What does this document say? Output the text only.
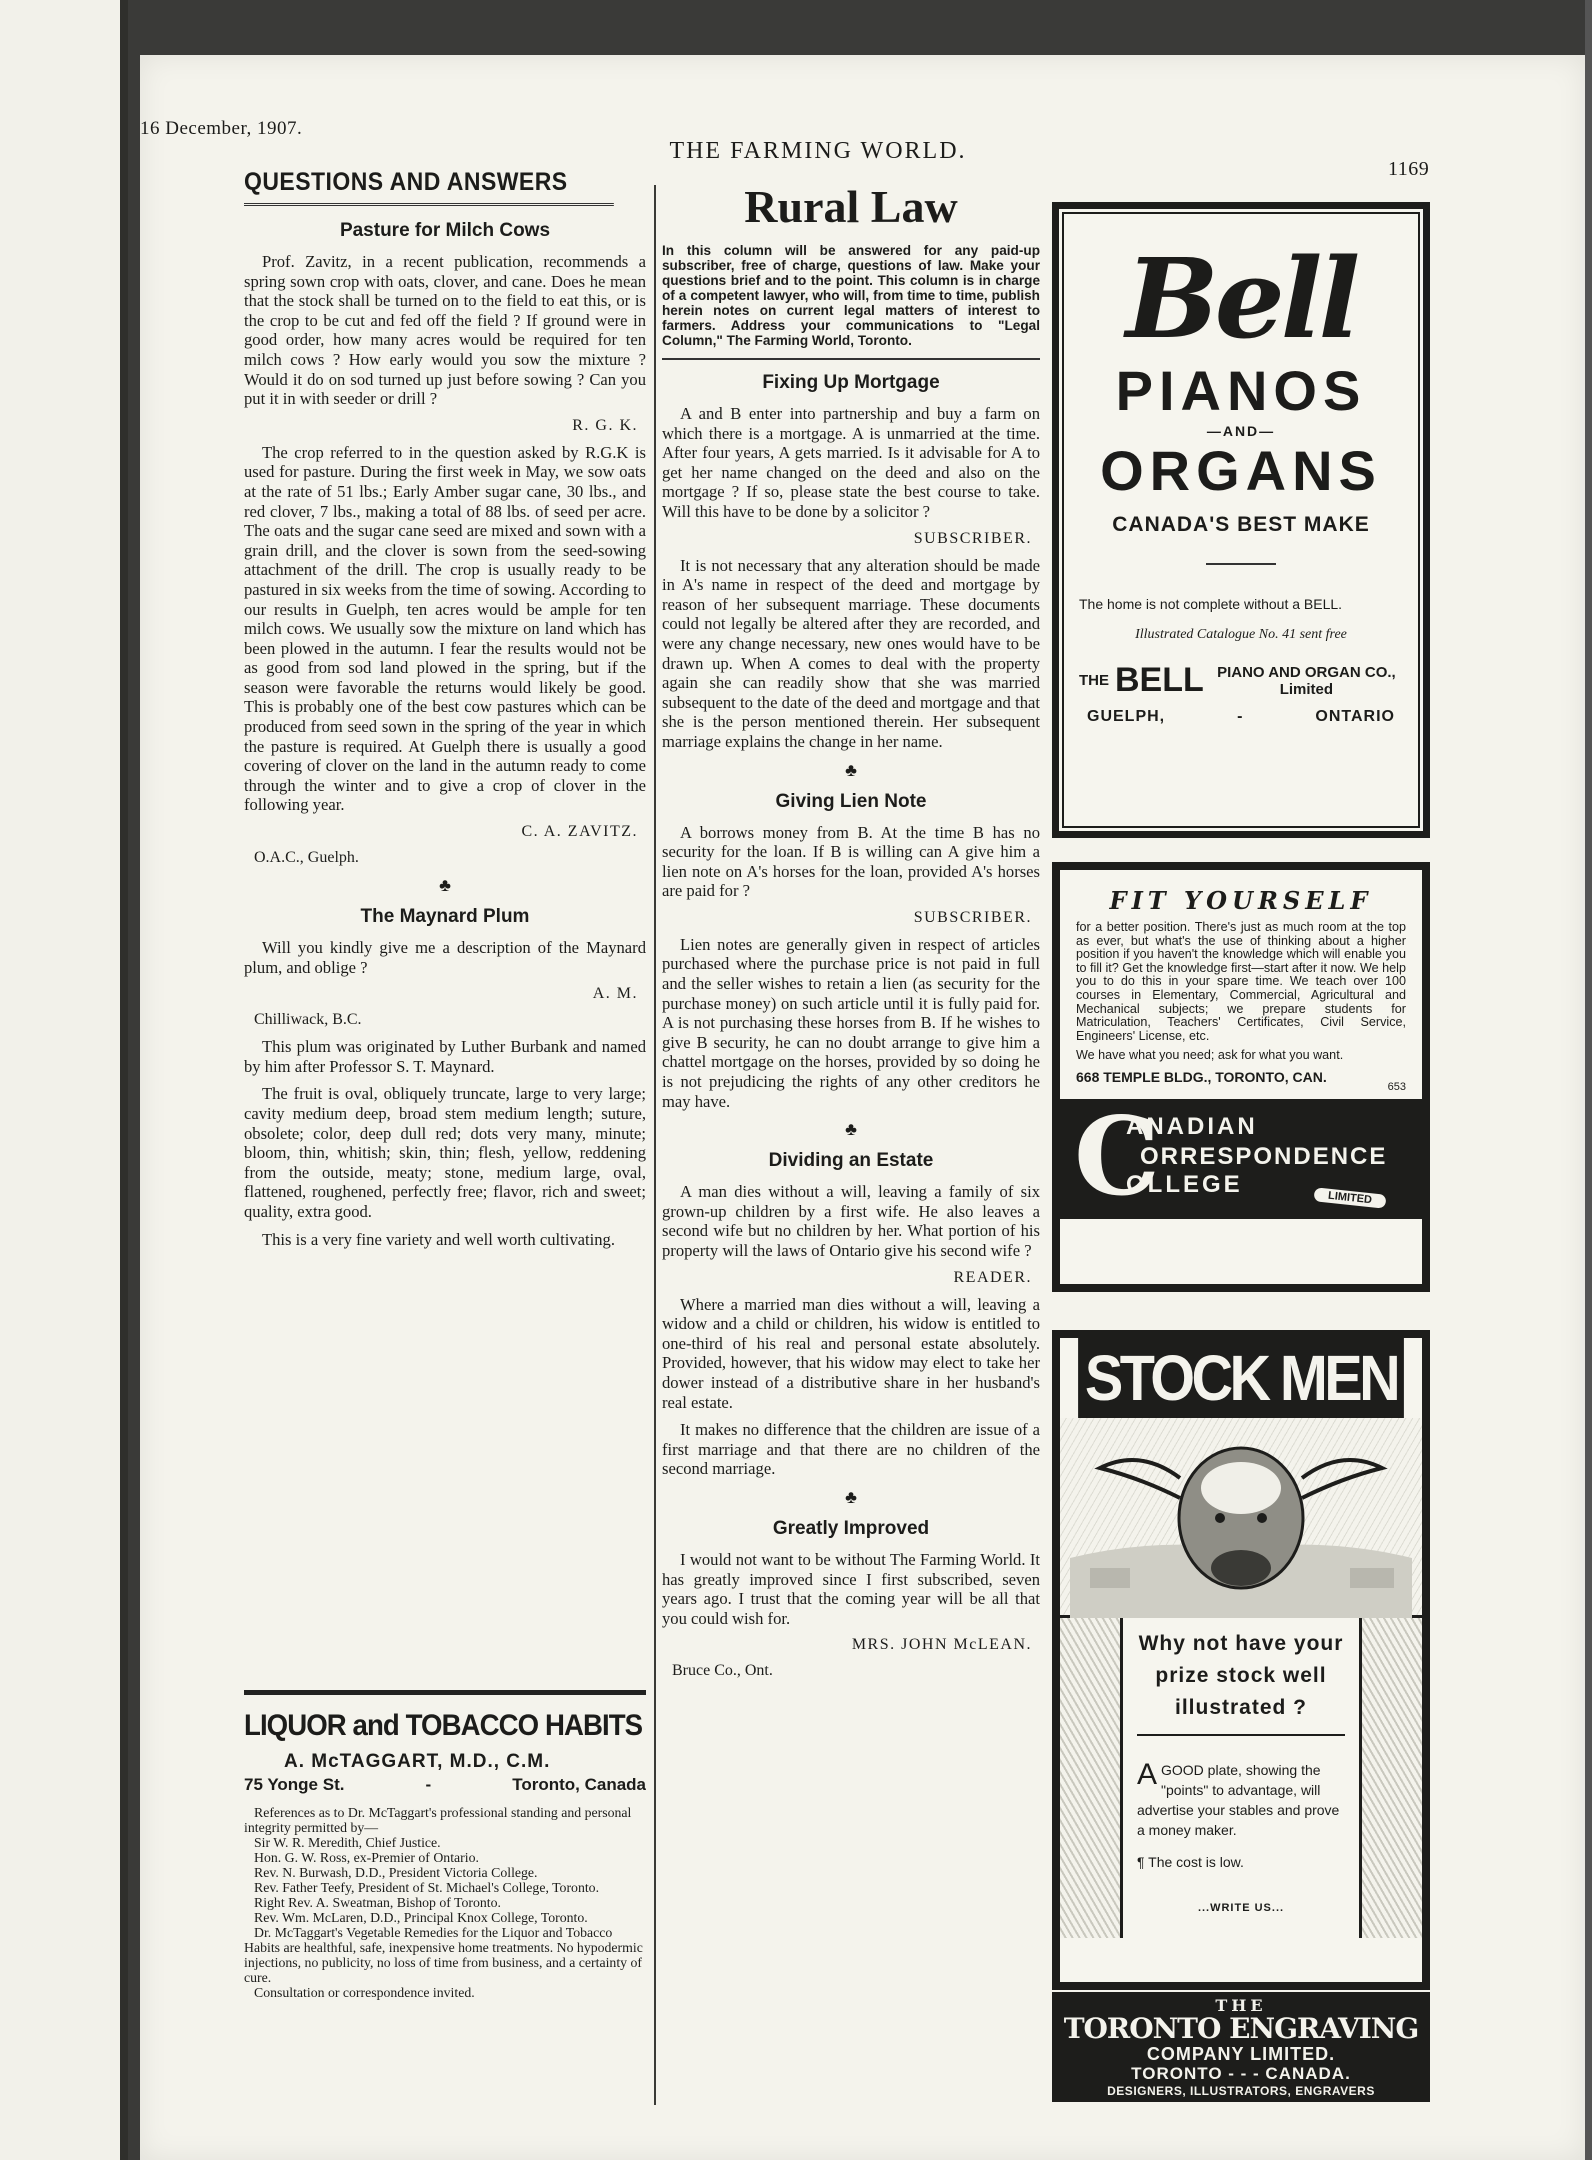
16 December, 1907.
THE FARMING WORLD.
1169
QUESTIONS AND ANSWERS
Pasture for Milch Cows

Prof. Zavitz, in a recent publication, recommends a spring sown crop with oats, clover, and cane. Does he mean that the stock shall be turned on to the field to eat this, or is the crop to be cut and fed off the field ? If ground were in good order, how many acres would be required for ten milch cows ? How early would you sow the mixture ? Would it do on sod turned up just before sowing ? Can you put it in with seeder or drill ?

R. G. K.

The crop referred to in the question asked by R.G.K is used for pasture. During the first week in May, we sow oats at the rate of 51 lbs.; Early Amber sugar cane, 30 lbs., and red clover, 7 lbs., making a total of 88 lbs. of seed per acre. The oats and the sugar cane seed are mixed and sown with a grain drill, and the clover is sown from the seed-sowing attachment of the drill. The crop is usually ready to be pastured in six weeks from the time of sowing. According to our results in Guelph, ten acres would be ample for ten milch cows. We usually sow the mixture on land which has been plowed in the autumn. I fear the results would not be as good from sod land plowed in the spring, but if the season were favorable the returns would likely be good. This is probably one of the best cow pastures which can be produced from seed sown in the spring of the year in which the pasture is required. At Guelph there is usually a good covering of clover on the land in the autumn ready to come through the winter and to give a crop of clover in the following year.

C. A. ZAVITZ.
O.A.C., Guelph.
♣
The Maynard Plum

Will you kindly give me a description of the Maynard plum, and oblige ?

A. M.
Chilliwack, B.C.

This plum was originated by Luther Burbank and named by him after Professor S. T. Maynard.

The fruit is oval, obliquely truncate, large to very large; cavity medium deep, broad stem medium length; suture, obsolete; color, deep dull red; dots very many, minute; bloom, thin, whitish; skin, thin; flesh, yellow, reddening from the outside, meaty; stone, medium large, oval, flattened, roughened, perfectly free; flavor, rich and sweet; quality, extra good.

This is a very fine variety and well worth cultivating.

LIQUOR and TOBACCO HABITS
A. McTAGGART, M.D., C.M.
75 Yonge St.	-	Toronto, Canada

References as to Dr. McTaggart's professional standing and personal integrity permitted by—

Sir W. R. Meredith, Chief Justice.

Hon. G. W. Ross, ex-Premier of Ontario.

Rev. N. Burwash, D.D., President Victoria College.

Rev. Father Teefy, President of St. Michael's College, Toronto.

Right Rev. A. Sweatman, Bishop of Toronto.

Rev. Wm. McLaren, D.D., Principal Knox College, Toronto.

Dr. McTaggart's Vegetable Remedies for the Liquor and Tobacco Habits are healthful, safe, inexpensive home treatments. No hypodermic injections, no publicity, no loss of time from business, and a certainty of cure.

Consultation or correspondence invited.

Rural Law
In this column will be answered for any paid-up subscriber, free of charge, questions of law. Make your questions brief and to the point. This column is in charge of a competent lawyer, who will, from time to time, publish herein notes on current legal matters of interest to farmers. Address your communications to "Legal Column," The Farming World, Toronto.
Fixing Up Mortgage

A and B enter into partnership and buy a farm on which there is a mortgage. A is unmarried at the time. After four years, A gets married. Is it advisable for A to get her name changed on the deed and also on the mortgage ? If so, please state the best course to take. Will this have to be done by a solicitor ?

SUBSCRIBER.

It is not necessary that any alteration should be made in A's name in respect of the deed and mortgage by reason of her subsequent marriage. These documents could not legally be altered after they are recorded, and were any change necessary, new ones would have to be drawn up. When A comes to deal with the property again she can readily show that she was married subsequent to the date of the deed and mortgage and that she is the person mentioned therein. Her subsequent marriage explains the change in her name.

♣
Giving Lien Note

A borrows money from B. At the time B has no security for the loan. If B is willing can A give him a lien note on A's horses for the loan, provided A's horses are paid for ?

SUBSCRIBER.

Lien notes are generally given in respect of articles purchased where the purchase price is not paid in full and the seller wishes to retain a lien (as security for the purchase money) on such article until it is fully paid for. A is not purchasing these horses from B. If he wishes to give B security, he can no doubt arrange to give him a chattel mortgage on the horses, provided by so doing he is not prejudicing the rights of any other creditors he may have.

♣
Dividing an Estate

A man dies without a will, leaving a family of six grown-up children by a first wife. He also leaves a second wife but no children by her. What portion of his property will the laws of Ontario give his second wife ?

READER.

Where a married man dies without a will, leaving a widow and a child or children, his widow is entitled to one-third of his real and personal estate absolutely. Provided, however, that his widow may elect to take her dower instead of a distributive share in her husband's real estate.

It makes no difference that the children are issue of a first marriage and that there are no children of the second marriage.

♣
Greatly Improved

I would not want to be without The Farming World. It has greatly improved since I first subscribed, seven years ago. I trust that the coming year will be all that you could wish for.

MRS. JOHN McLEAN.
Bruce Co., Ont.
Bell
PIANOS
—AND—
ORGANS
CANADA'S BEST MAKE
The home is not complete without a BELL.
Illustrated Catalogue No. 41 sent free
THE BELL PIANO AND ORGAN CO., Limited
GUELPH,	-	ONTARIO
FIT YOURSELF

for a better position. There's just as much room at the top as ever, but what's the use of thinking about a higher position if you haven't the knowledge which will enable you to fill it? Get the knowledge first—start after it now. We help you to do this in your spare time. We teach over 100 courses in Elementary, Commercial, Agricultural and Mechanical subjects; we prepare students for Matriculation, Teachers' Certificates, Civil Service, Engineers' License, etc.

We have what you need; ask for what you want.

668 TEMPLE BLDG., TORONTO, CAN.
653
C
ANADIAN
ORRESPONDENCE
OLLEGE	LIMITED
STOCK MEN
Why not have your prize stock well illustrated ?
A GOOD plate, showing the "points" to advantage, will advertise your stables and prove a money maker.
¶ The cost is low.
...WRITE US...
THE
TORONTO ENGRAVING
COMPANY LIMITED.
TORONTO - - - CANADA.
DESIGNERS, ILLUSTRATORS, ENGRAVERS
